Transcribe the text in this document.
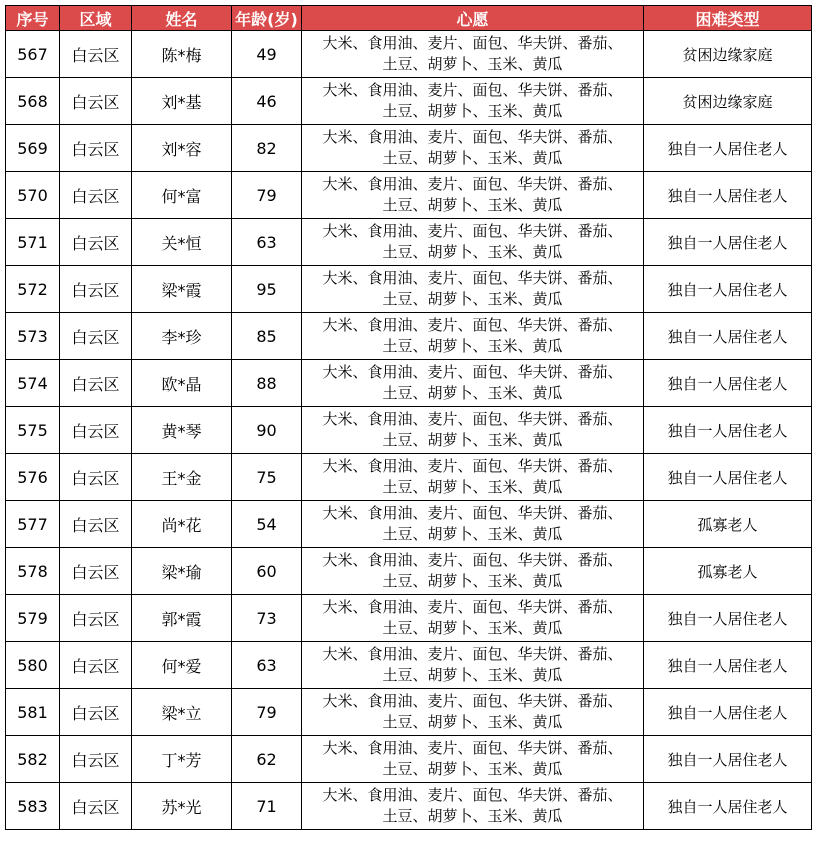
序号	区域	姓名	年龄(岁)	心愿	困难类型
567	白云区	陈*梅	49	大米、食用油、麦片、面包、华夫饼、番茄、
土豆、胡萝卜、玉米、黄瓜	贫困边缘家庭
568	白云区	刘*基	46	大米、食用油、麦片、面包、华夫饼、番茄、
土豆、胡萝卜、玉米、黄瓜	贫困边缘家庭
569	白云区	刘*容	82	大米、食用油、麦片、面包、华夫饼、番茄、
土豆、胡萝卜、玉米、黄瓜	独自一人居住老人
570	白云区	何*富	79	大米、食用油、麦片、面包、华夫饼、番茄、
土豆、胡萝卜、玉米、黄瓜	独自一人居住老人
571	白云区	关*恒	63	大米、食用油、麦片、面包、华夫饼、番茄、
土豆、胡萝卜、玉米、黄瓜	独自一人居住老人
572	白云区	梁*霞	95	大米、食用油、麦片、面包、华夫饼、番茄、
土豆、胡萝卜、玉米、黄瓜	独自一人居住老人
573	白云区	李*珍	85	大米、食用油、麦片、面包、华夫饼、番茄、
土豆、胡萝卜、玉米、黄瓜	独自一人居住老人
574	白云区	欧*晶	88	大米、食用油、麦片、面包、华夫饼、番茄、
土豆、胡萝卜、玉米、黄瓜	独自一人居住老人
575	白云区	黄*琴	90	大米、食用油、麦片、面包、华夫饼、番茄、
土豆、胡萝卜、玉米、黄瓜	独自一人居住老人
576	白云区	王*金	75	大米、食用油、麦片、面包、华夫饼、番茄、
土豆、胡萝卜、玉米、黄瓜	独自一人居住老人
577	白云区	尚*花	54	大米、食用油、麦片、面包、华夫饼、番茄、
土豆、胡萝卜、玉米、黄瓜	孤寡老人
578	白云区	梁*瑜	60	大米、食用油、麦片、面包、华夫饼、番茄、
土豆、胡萝卜、玉米、黄瓜	孤寡老人
579	白云区	郭*霞	73	大米、食用油、麦片、面包、华夫饼、番茄、
土豆、胡萝卜、玉米、黄瓜	独自一人居住老人
580	白云区	何*爱	63	大米、食用油、麦片、面包、华夫饼、番茄、
土豆、胡萝卜、玉米、黄瓜	独自一人居住老人
581	白云区	梁*立	79	大米、食用油、麦片、面包、华夫饼、番茄、
土豆、胡萝卜、玉米、黄瓜	独自一人居住老人
582	白云区	丁*芳	62	大米、食用油、麦片、面包、华夫饼、番茄、
土豆、胡萝卜、玉米、黄瓜	独自一人居住老人
583	白云区	苏*光	71	大米、食用油、麦片、面包、华夫饼、番茄、
土豆、胡萝卜、玉米、黄瓜	独自一人居住老人
